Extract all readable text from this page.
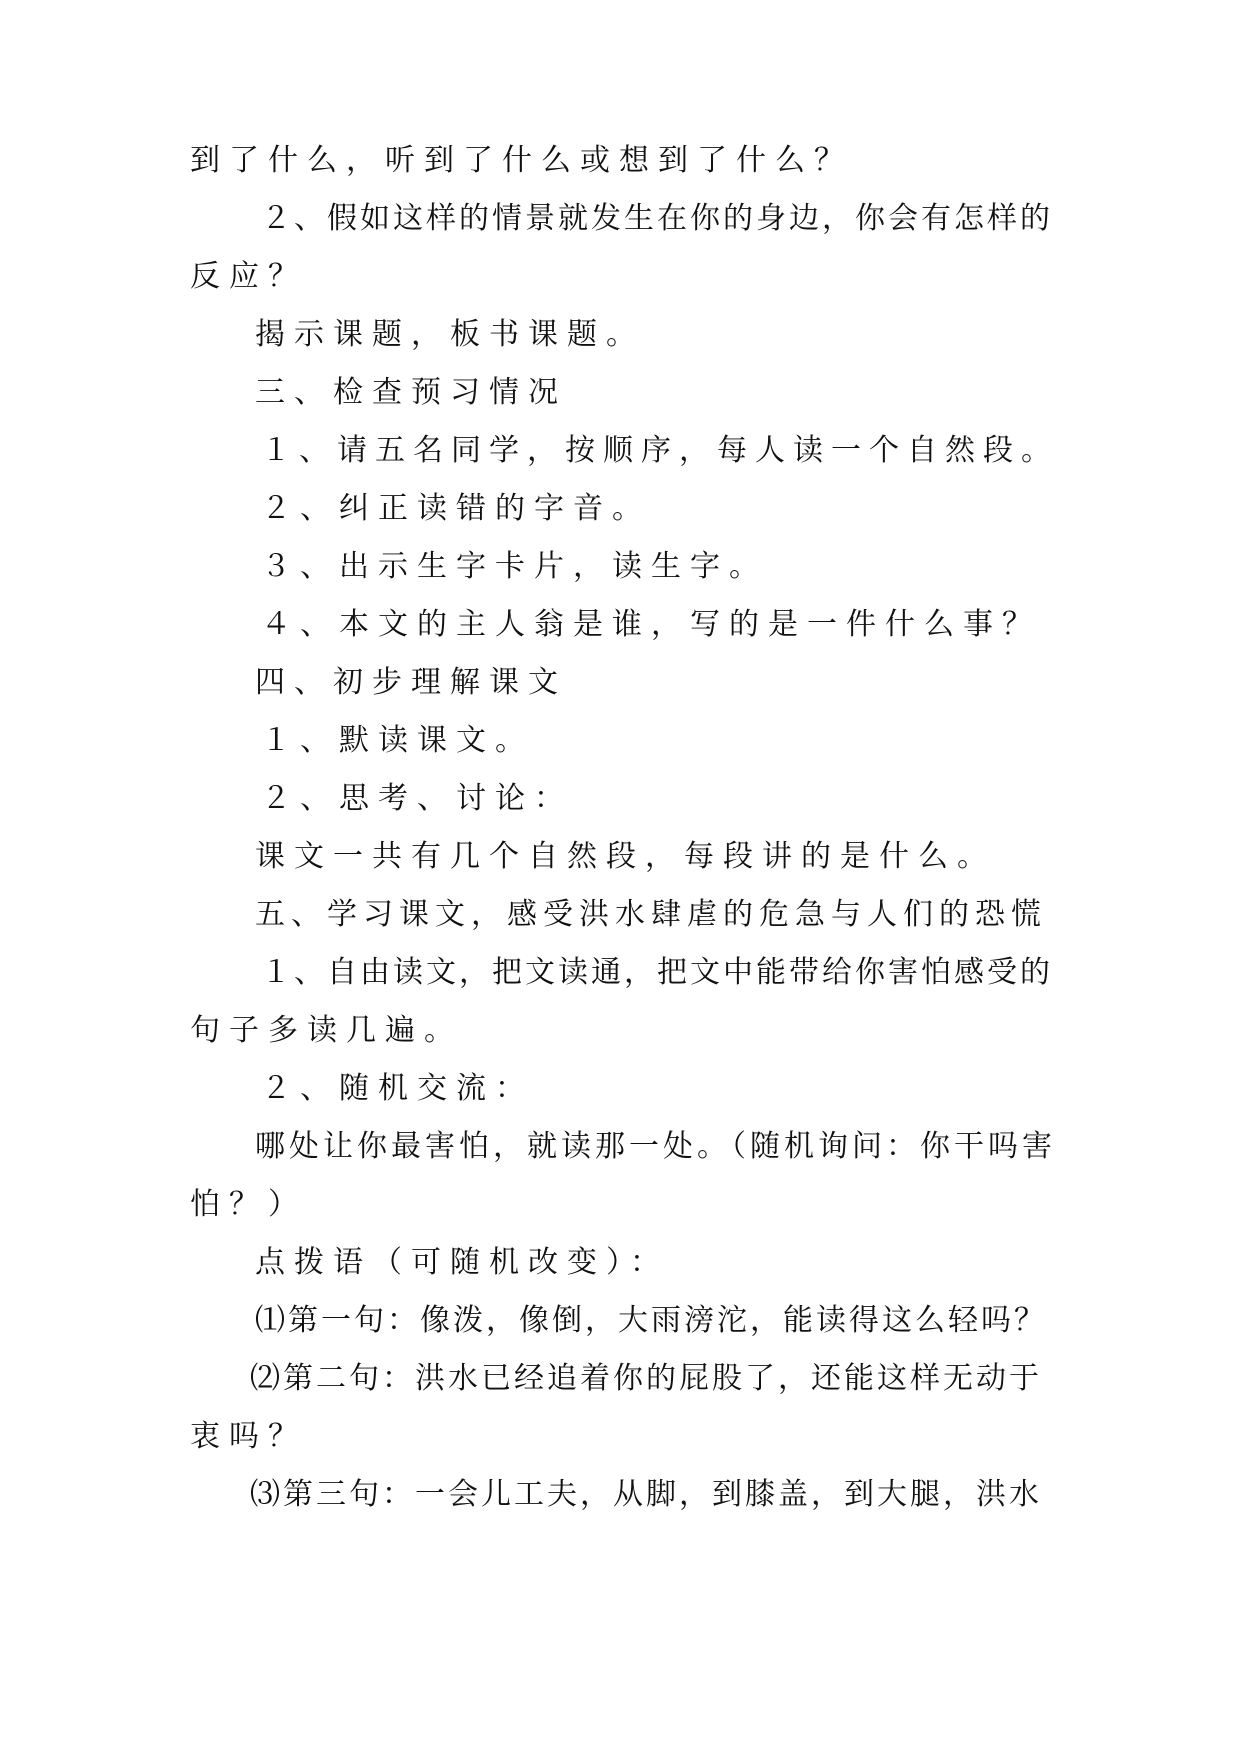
到了什么，听到了什么或想到了什么？
２、假如这样的情景就发生在你的身边，你会有怎样的
反应？
揭示课题，板书课题。
三、检查预习情况
１、请五名同学，按顺序，每人读一个自然段。
２、纠正读错的字音。
３、出示生字卡片，读生字。
４、本文的主人翁是谁，写的是一件什么事？
四、初步理解课文
１、默读课文。
２、思考、讨论：
课文一共有几个自然段，每段讲的是什么。
五、学习课文，感受洪水肆虐的危急与人们的恐慌
１、自由读文，把文读通，把文中能带给你害怕感受的
句子多读几遍。
２、随机交流：
哪处让你最害怕，就读那一处。（随机询问：你干吗害
怕？）
点拨语（可随机改变）：
⑴第一句：像泼，像倒，大雨滂沱，能读得这么轻吗？
⑵第二句：洪水已经追着你的屁股了，还能这样无动于
衷吗？
⑶第三句：一会儿工夫，从脚，到膝盖，到大腿，洪水
